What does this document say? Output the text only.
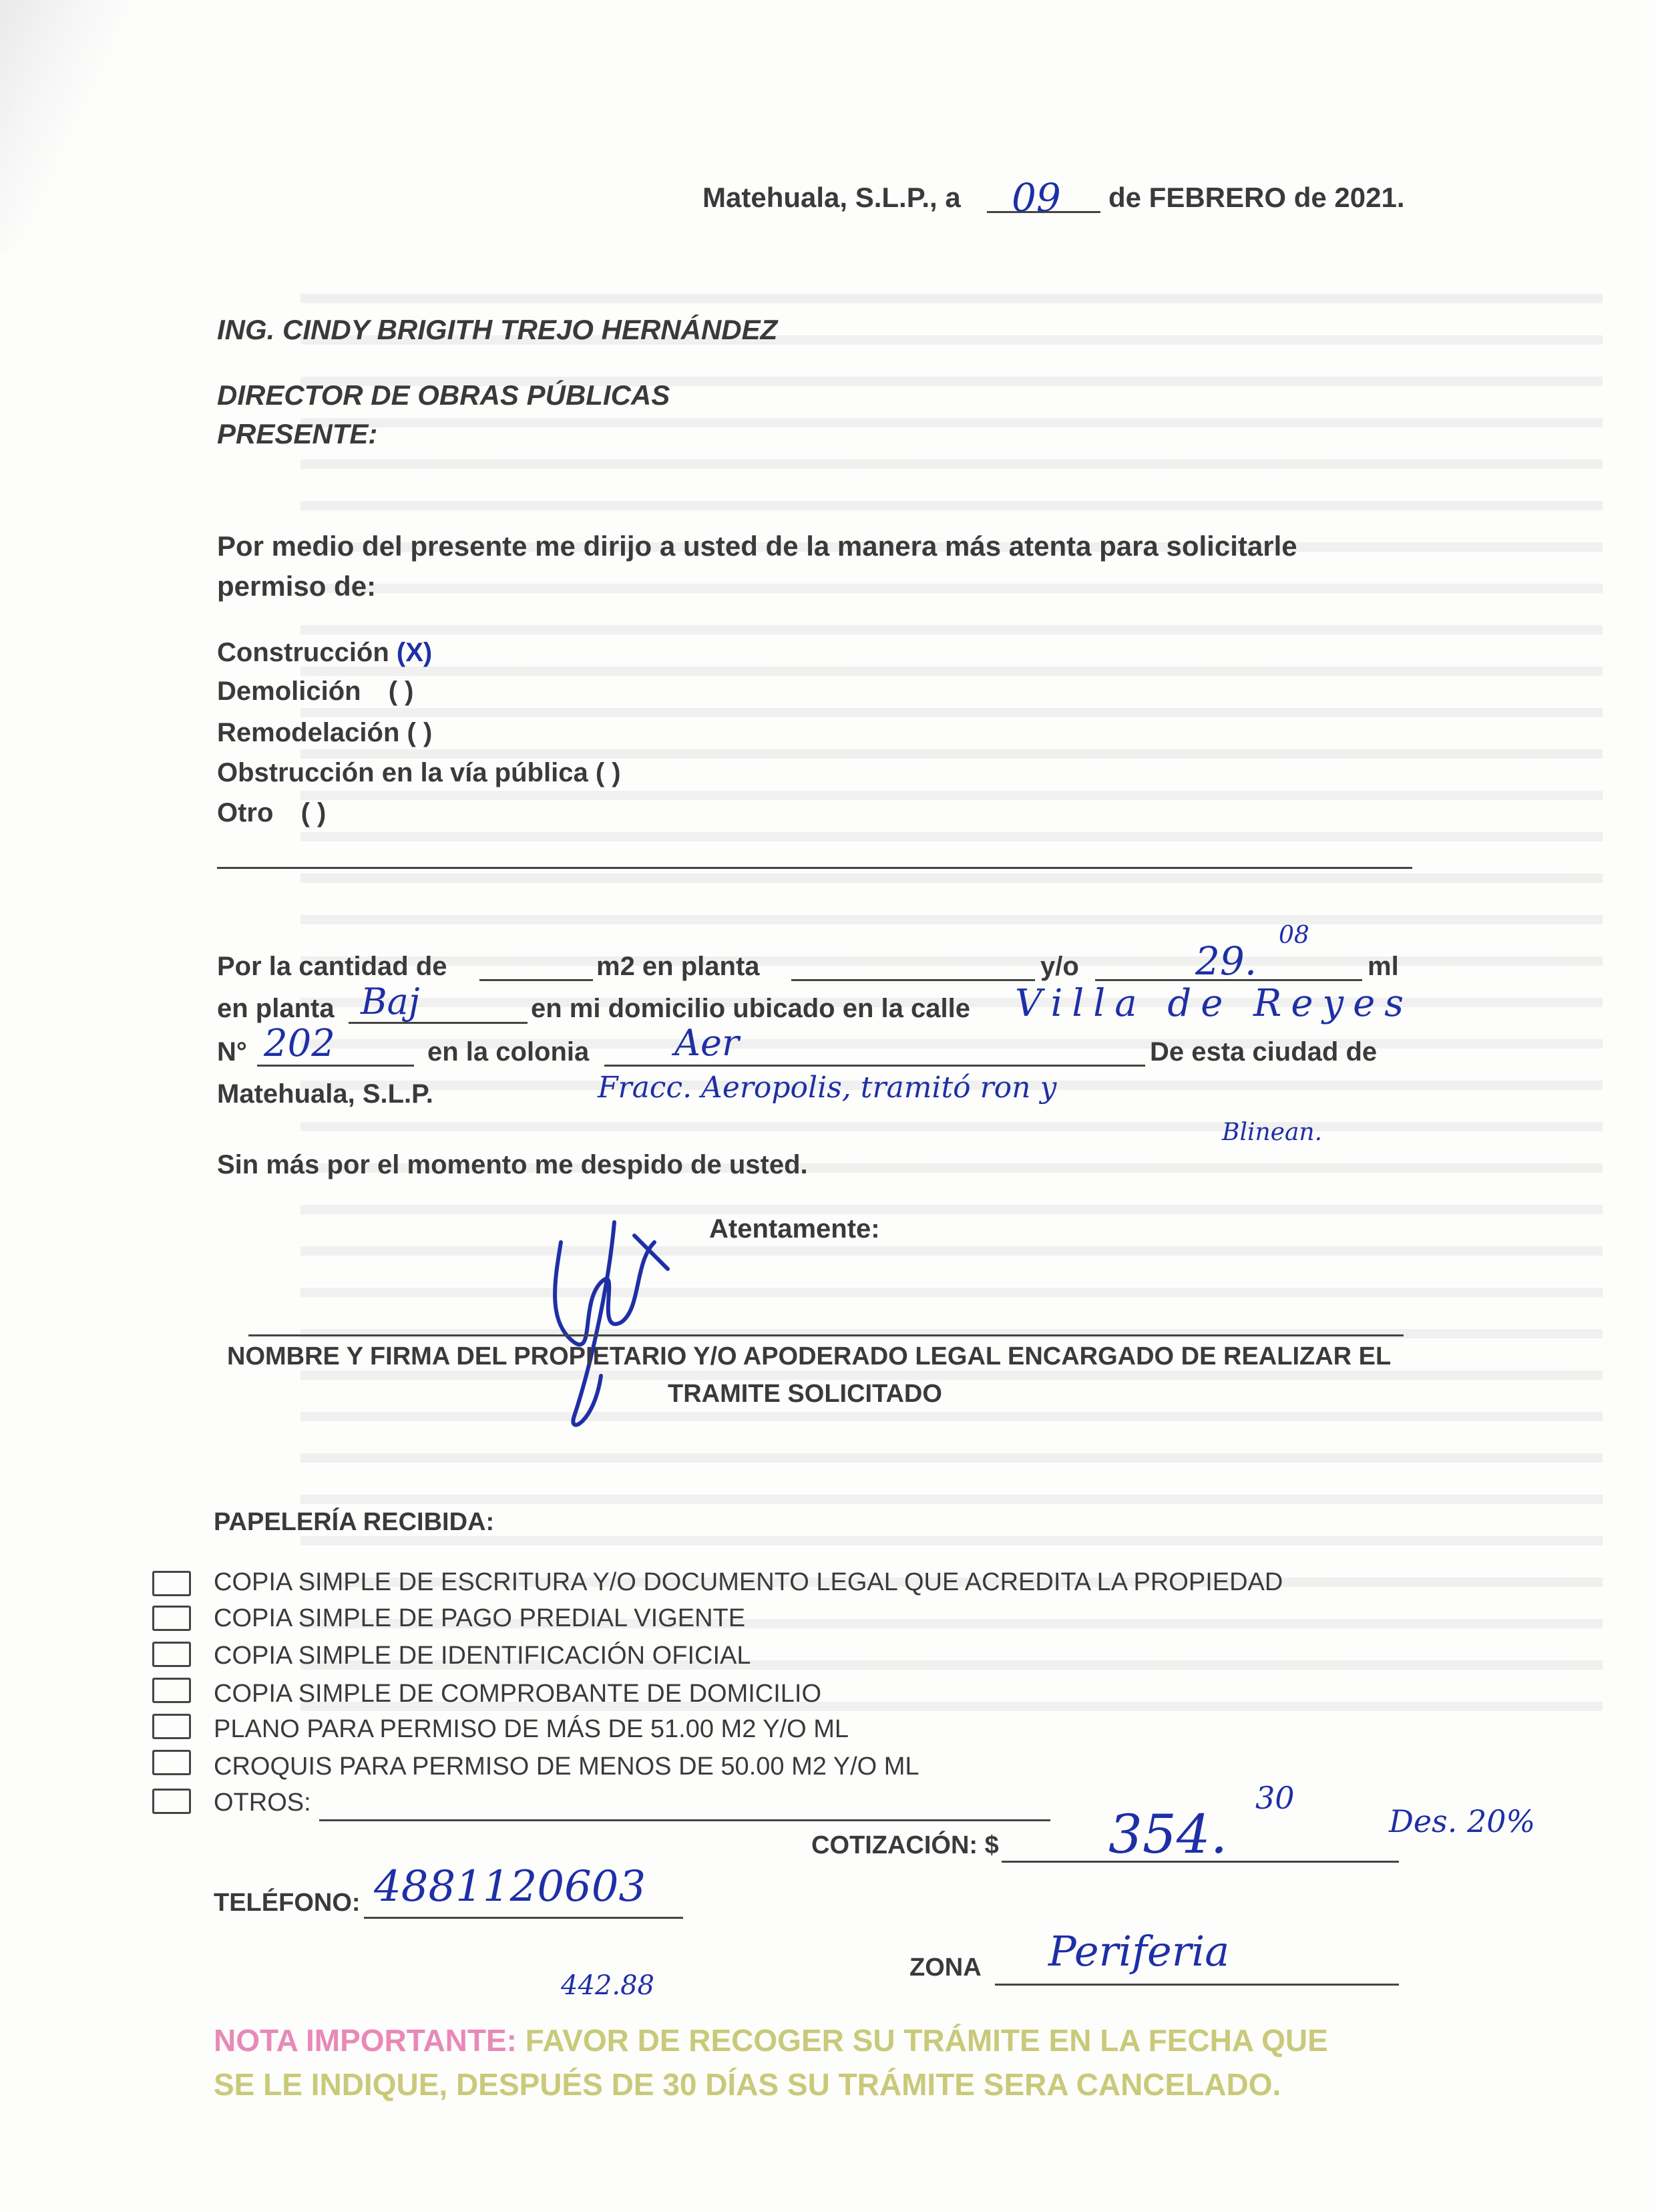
Matehuala, S.L.P., a 09 de FEBRERO de 2021.
ING. CINDY BRIGITH TREJO HERNÁNDEZ
DIRECTOR DE OBRAS PÚBLICAS
PRESENTE:
Por medio del presente me dirijo a usted de la manera más atenta para solicitarle
permiso de:
Construcción (X)
Demolición ( )
Remodelación ( )
Obstrucción en la vía pública ( )
Otro ( )
Por la cantidad de	m2 en planta	y/o	29.
08
ml
en planta Baj	en mi domicilio ubicado en la calle Villa de Reyes
N° 202	en la colonia Aer	De esta ciudad de
Matehuala, S.L.P.	Fracc. Aeropolis, tramitó ron y
Blinean.
Sin más por el momento me despido de usted.
Atentamente:
NOMBRE Y FIRMA DEL PROPIETARIO Y/O APODERADO LEGAL ENCARGADO DE REALIZAR EL
TRAMITE SOLICITADO
PAPELERÍA RECIBIDA:
COPIA SIMPLE DE ESCRITURA Y/O DOCUMENTO LEGAL QUE ACREDITA LA PROPIEDAD
COPIA SIMPLE DE PAGO PREDIAL VIGENTE
COPIA SIMPLE DE IDENTIFICACIÓN OFICIAL
COPIA SIMPLE DE COMPROBANTE DE DOMICILIO
PLANO PARA PERMISO DE MÁS DE 51.00 M2 Y/O ML
CROQUIS PARA PERMISO DE MENOS DE 50.00 M2 Y/O ML
OTROS:
COTIZACIÓN: $ 354.
30
Des. 20%
TELÉFONO: 4881120603
442.88
ZONA Periferia
NOTA IMPORTANTE: FAVOR DE RECOGER SU TRÁMITE EN LA FECHA QUE
SE LE INDIQUE, DESPUÉS DE 30 DÍAS SU TRÁMITE SERA CANCELADO.
